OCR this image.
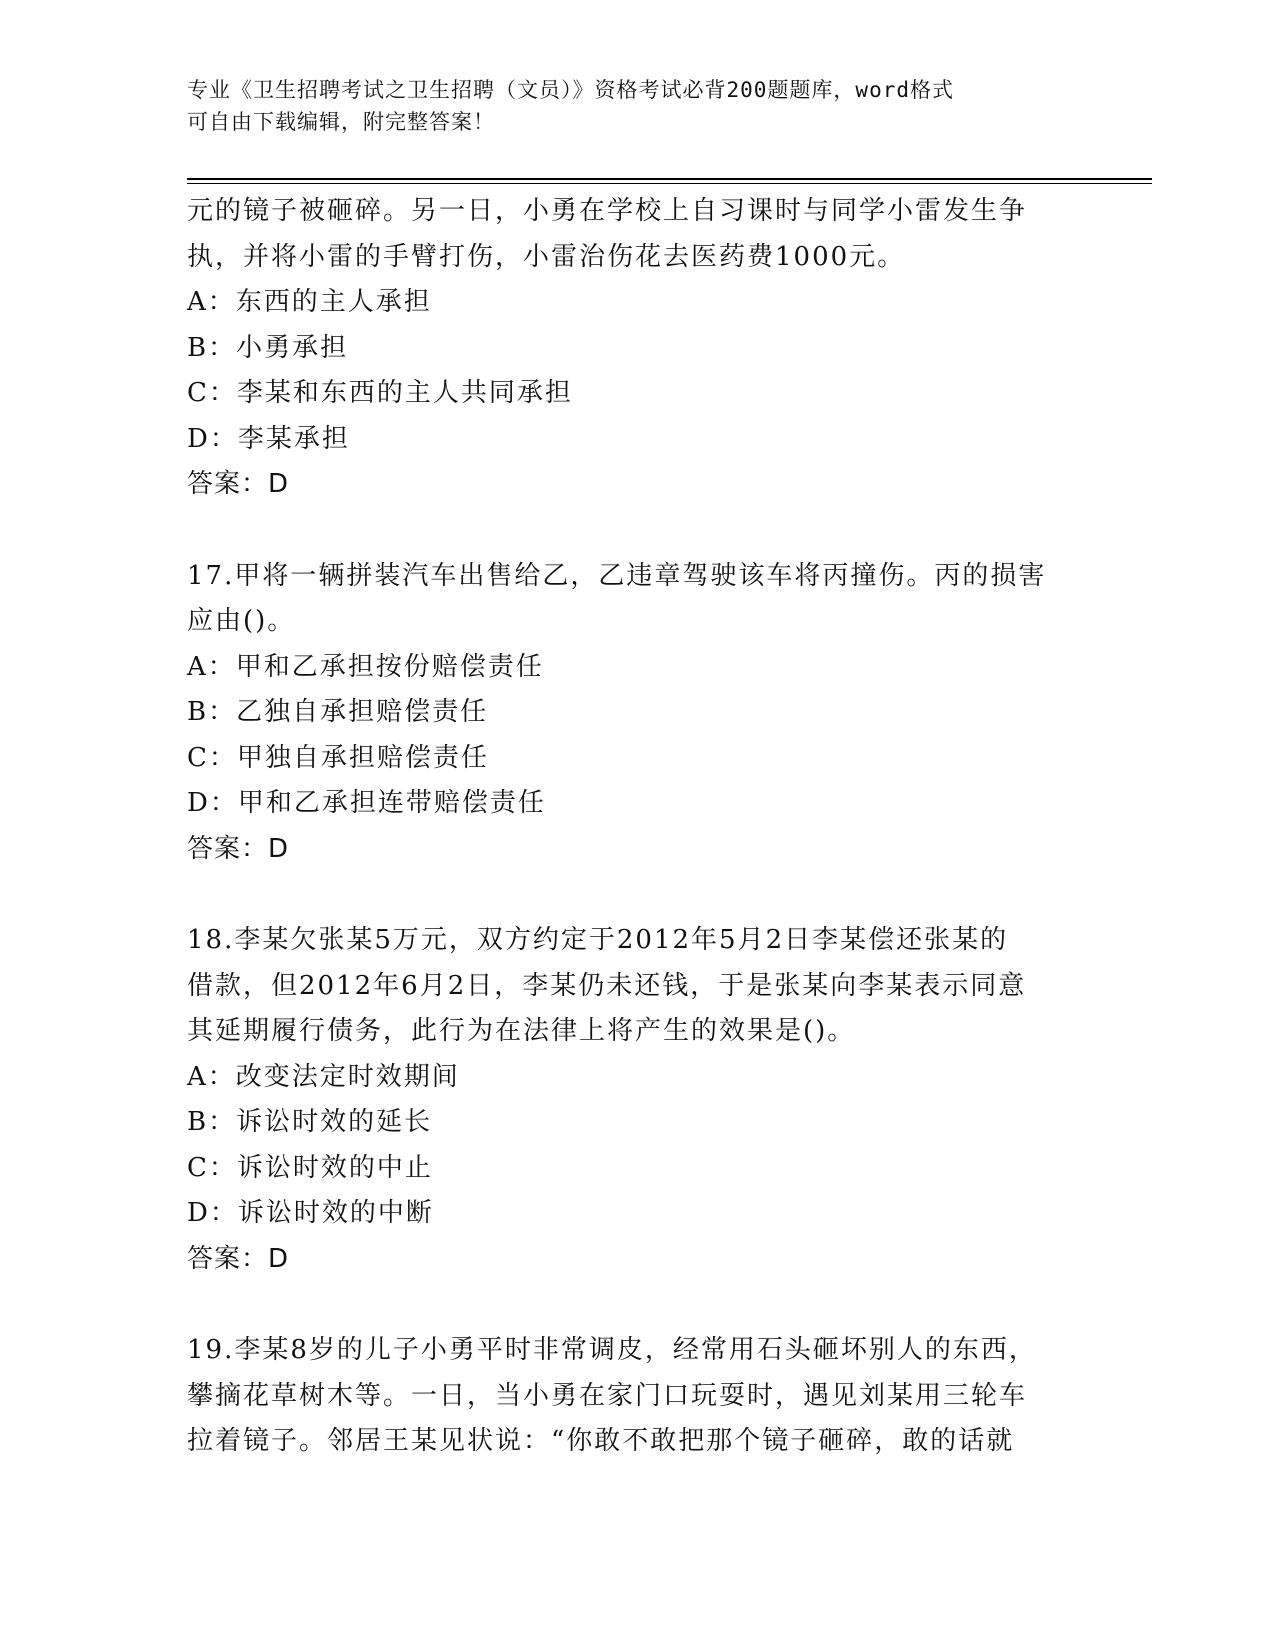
专业《卫生招聘考试之卫生招聘（文员）》资格考试必背200题题库，word格式
可自由下载编辑，附完整答案！
元的镜子被砸碎。另一日，小勇在学校上自习课时与同学小雷发生争
执，并将小雷的手臂打伤，小雷治伤花去医药费1000元。
A：东西的主人承担
B：小勇承担
C：李某和东西的主人共同承担
D：李某承担
答案：D
17.甲将一辆拼装汽车出售给乙，乙违章驾驶该车将丙撞伤。丙的损害
应由()。
A：甲和乙承担按份赔偿责任
B：乙独自承担赔偿责任
C：甲独自承担赔偿责任
D：甲和乙承担连带赔偿责任
答案：D
18.李某欠张某5万元，双方约定于2012年5月2日李某偿还张某的
借款，但2012年6月2日，李某仍未还钱，于是张某向李某表示同意
其延期履行债务，此行为在法律上将产生的效果是()。
A：改变法定时效期间
B：诉讼时效的延长
C：诉讼时效的中止
D：诉讼时效的中断
答案：D
19.李某8岁的儿子小勇平时非常调皮，经常用石头砸坏别人的东西，
攀摘花草树木等。一日，当小勇在家门口玩耍时，遇见刘某用三轮车
拉着镜子。邻居王某见状说：“你敢不敢把那个镜子砸碎，敢的话就
